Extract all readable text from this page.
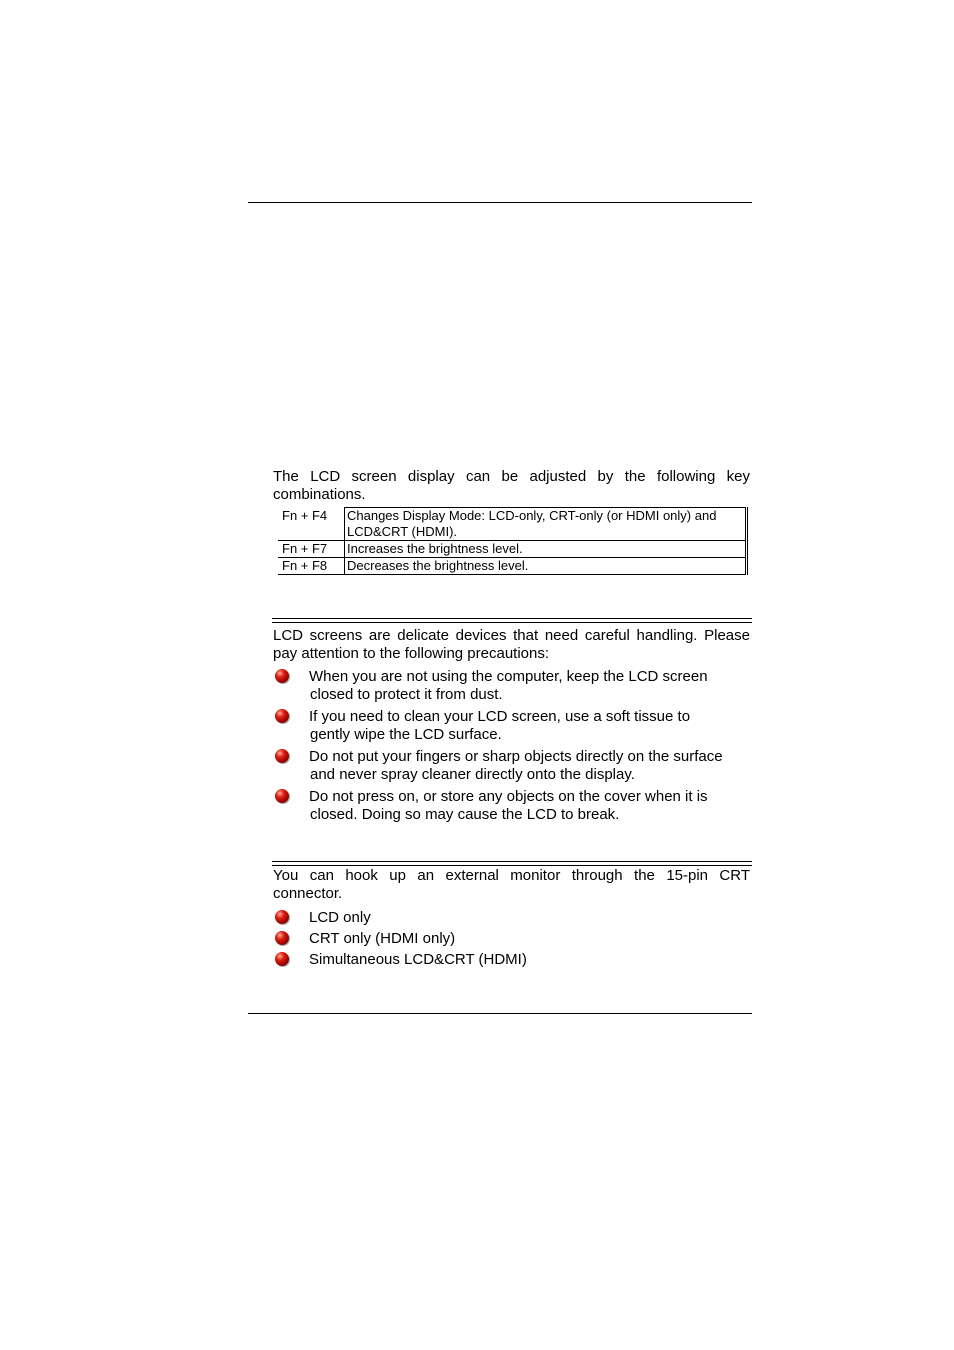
The LCD screen display can be adjusted by the following key combinations.

Fn + F4	Changes Display Mode: LCD-only, CRT-only (or HDMI only) and LCD&CRT (HDMI).
Fn + F7	Increases the brightness level.
Fn + F8	Decreases the brightness level.

LCD screens are delicate devices that need careful handling. Please pay attention to the following precautions:

When you are not using the computer, keep the LCD screen
closed to protect it from dust.
If you need to clean your LCD screen, use a soft tissue to
gently wipe the LCD surface.
Do not put your fingers or sharp objects directly on the surface
and never spray cleaner directly onto the display.
Do not press on, or store any objects on the cover when it is
closed. Doing so may cause the LCD to break.

You can hook up an external monitor through the 15-pin CRT connector.

LCD only
CRT only (HDMI only)
Simultaneous LCD&CRT (HDMI)
